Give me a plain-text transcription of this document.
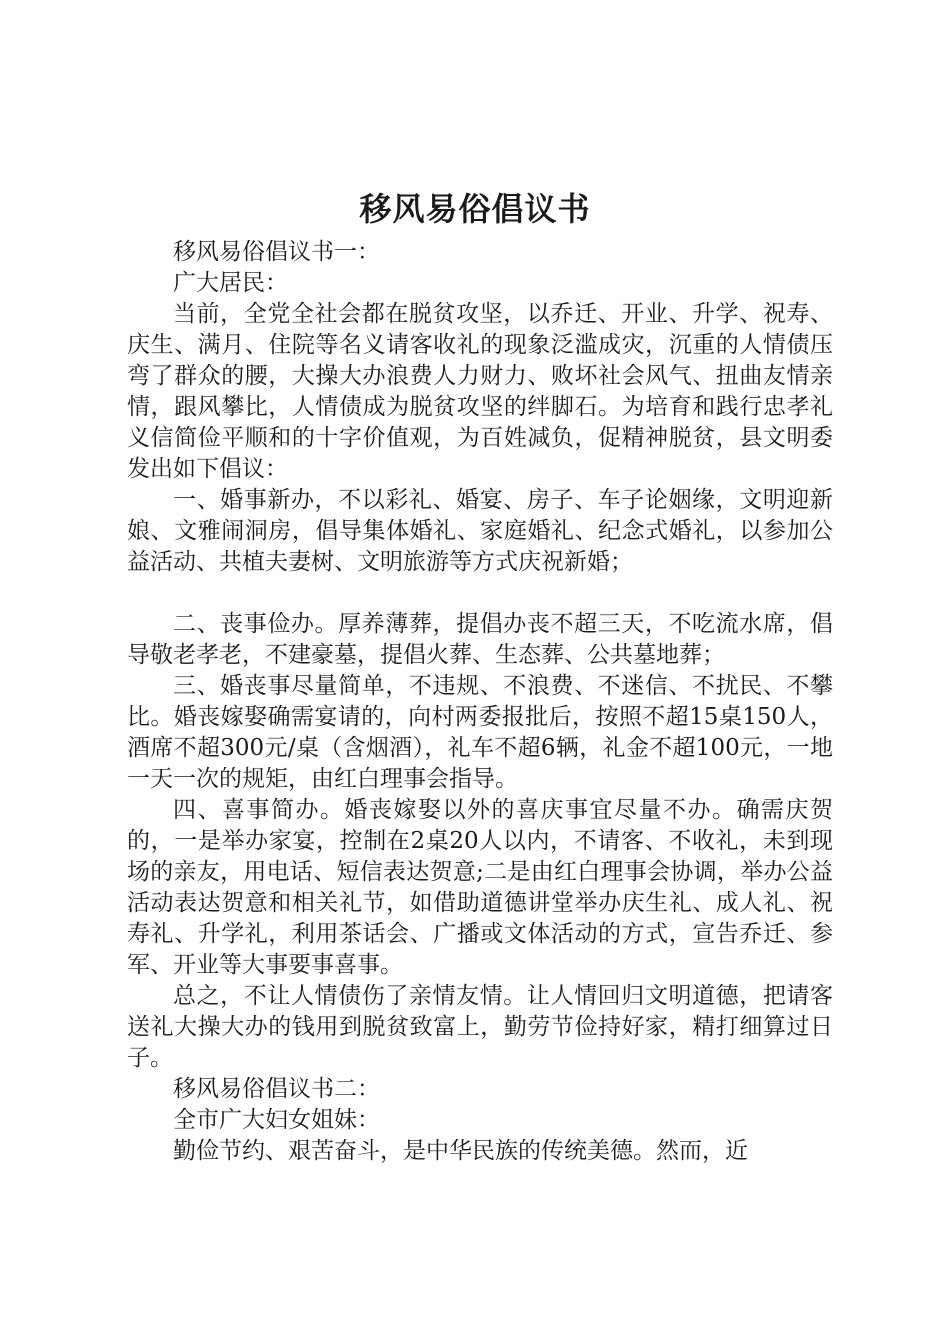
移风易俗倡议书

移风易俗倡议书一：

广大居民：

当前，全党全社会都在脱贫攻坚，以乔迁、开业、升学、祝寿、庆生、满月、住院等名义请客收礼的现象泛滥成灾，沉重的人情债压弯了群众的腰，大操大办浪费人力财力、败坏社会风气、扭曲友情亲情，跟风攀比，人情债成为脱贫攻坚的绊脚石。为培育和践行忠孝礼义信简俭平顺和的十字价值观，为百姓减负，促精神脱贫，县文明委发出如下倡议：

一、婚事新办，不以彩礼、婚宴、房子、车子论姻缘，文明迎新娘、文雅闹洞房，倡导集体婚礼、家庭婚礼、纪念式婚礼，以参加公益活动、共植夫妻树、文明旅游等方式庆祝新婚；

二、丧事俭办。厚养薄葬，提倡办丧不超三天，不吃流水席，倡导敬老孝老，不建豪墓，提倡火葬、生态葬、公共墓地葬；

三、婚丧事尽量简单，不违规、不浪费、不迷信、不扰民、不攀比。婚丧嫁娶确需宴请的，向村两委报批后，按照不超15桌150人，酒席不超300元/桌（含烟酒），礼车不超6辆，礼金不超100元，一地一天一次的规矩，由红白理事会指导。

四、喜事简办。婚丧嫁娶以外的喜庆事宜尽量不办。确需庆贺的，一是举办家宴，控制在2桌20人以内，不请客、不收礼，未到现场的亲友，用电话、短信表达贺意;二是由红白理事会协调，举办公益活动表达贺意和相关礼节，如借助道德讲堂举办庆生礼、成人礼、祝寿礼、升学礼，利用茶话会、广播或文体活动的方式，宣告乔迁、参军、开业等大事要事喜事。

总之，不让人情债伤了亲情友情。让人情回归文明道德，把请客送礼大操大办的钱用到脱贫致富上，勤劳节俭持好家，精打细算过日子。

移风易俗倡议书二：

全市广大妇女姐妹：

勤俭节约、艰苦奋斗，是中华民族的传统美德。然而，近
